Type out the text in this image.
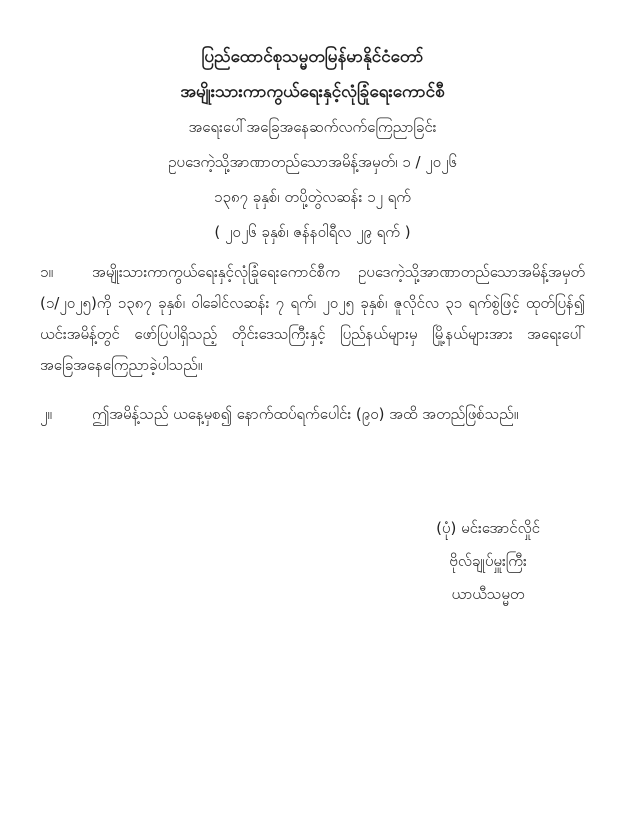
ပြည်ထောင်စုသမ္မတမြန်မာနိုင်ငံတော်
အမျိုးသားကာကွယ်ရေးနှင့်လုံခြုံရေးကောင်စီ
အရေးပေါ်အခြေအနေဆက်လက်ကြေညာခြင်း
ဥပဒေကဲ့သို့အာဏာတည်သောအမိန့်အမှတ်၊ ၁ / ၂၀၂၆
၁၃၈၇ ခုနှစ်၊ တပို့တွဲလဆန်း ၁၂ ရက်
( ၂၀၂၆ ခုနှစ်၊ ဇန်နဝါရီလ ၂၉ ရက် )

၁။	အမျိုးသားကာကွယ်ရေးနှင့်လုံခြုံရေးကောင်စီက ဥပဒေကဲ့သို့အာဏာတည်သောအမိန့်အမှတ် (၁/၂၀၂၅)ကို ၁၃၈၇ ခုနှစ်၊ ဝါခေါင်လဆန်း ၇ ရက်၊ ၂၀၂၅ ခုနှစ်၊ ဇူလိုင်လ ၃၁ ရက်စွဲဖြင့် ထုတ်ပြန်၍ ယင်းအမိန့်တွင် ဖော်ပြပါရှိသည့် တိုင်းဒေသကြီးနှင့် ပြည်နယ်များမှ မြို့နယ်များအား အရေးပေါ်အခြေအနေကြေညာခဲ့ပါသည်။

၂။	ဤအမိန့်သည် ယနေ့မှစ၍ နောက်ထပ်ရက်ပေါင်း (၉၀) အထိ အတည်ဖြစ်သည်။

(ပုံ) မင်းအောင်လှိုင်
ဗိုလ်ချုပ်မှူးကြီး
ယာယီသမ္မတ
